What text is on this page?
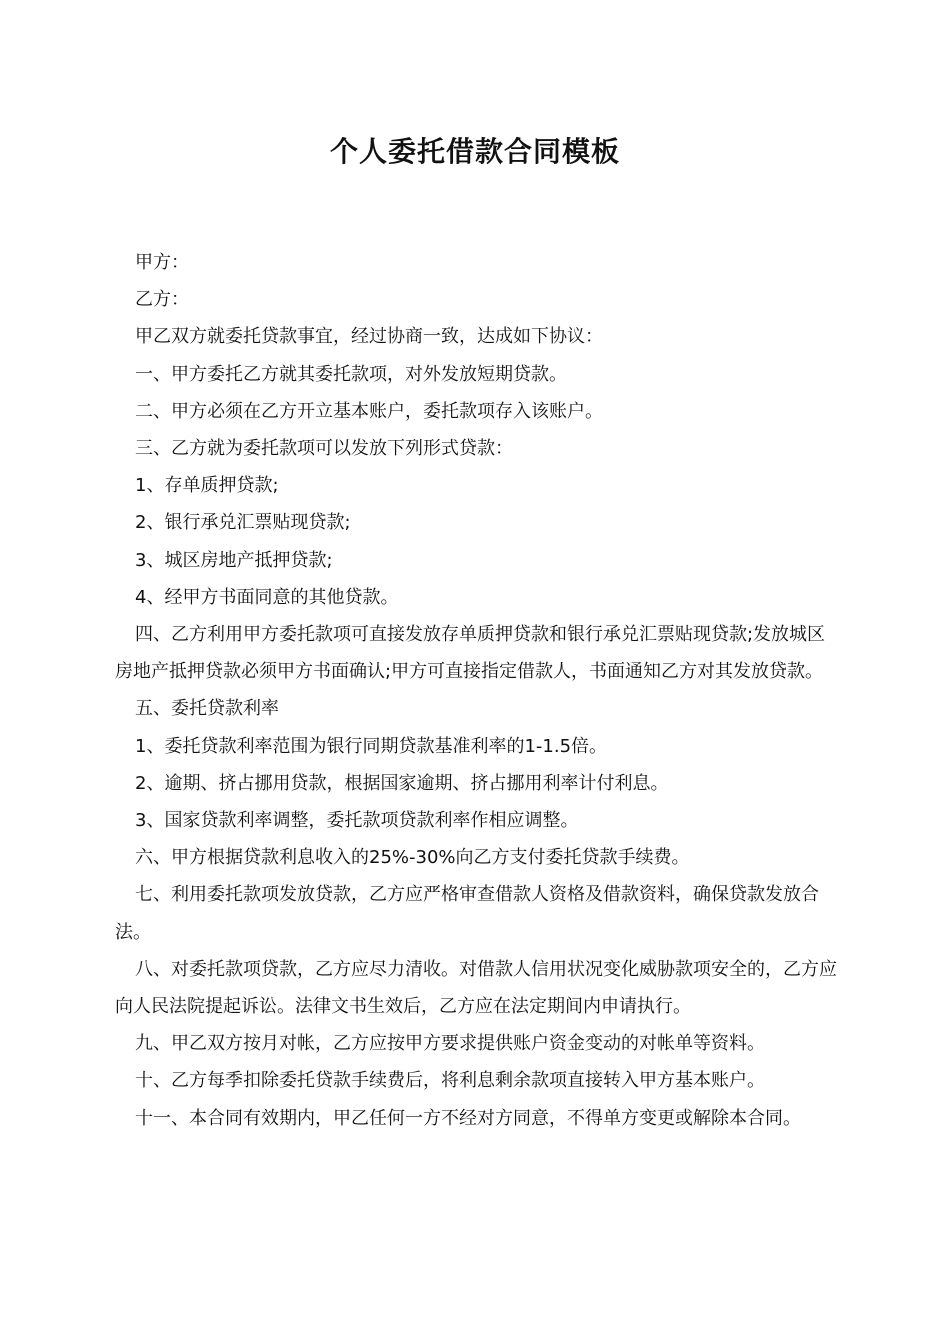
个人委托借款合同模板

甲方：

乙方：

甲乙双方就委托贷款事宜，经过协商一致，达成如下协议：

一、甲方委托乙方就其委托款项，对外发放短期贷款。

二、甲方必须在乙方开立基本账户，委托款项存入该账户。

三、乙方就为委托款项可以发放下列形式贷款：

1、存单质押贷款;

2、银行承兑汇票贴现贷款;

3、城区房地产抵押贷款;

4、经甲方书面同意的其他贷款。

四、乙方利用甲方委托款项可直接发放存单质押贷款和银行承兑汇票贴现贷款;发放城区房地产抵押贷款必须甲方书面确认;甲方可直接指定借款人，书面通知乙方对其发放贷款。

五、委托贷款利率

1、委托贷款利率范围为银行同期贷款基准利率的1-1.5倍。

2、逾期、挤占挪用贷款，根据国家逾期、挤占挪用利率计付利息。

3、国家贷款利率调整，委托款项贷款利率作相应调整。

六、甲方根据贷款利息收入的25%-30%向乙方支付委托贷款手续费。

七、利用委托款项发放贷款，乙方应严格审查借款人资格及借款资料，确保贷款发放合法。

八、对委托款项贷款，乙方应尽力清收。对借款人信用状况变化威胁款项安全的，乙方应向人民法院提起诉讼。法律文书生效后，乙方应在法定期间内申请执行。

九、甲乙双方按月对帐，乙方应按甲方要求提供账户资金变动的对帐单等资料。

十、乙方每季扣除委托贷款手续费后，将利息剩余款项直接转入甲方基本账户。

十一、本合同有效期内，甲乙任何一方不经对方同意，不得单方变更或解除本合同。
